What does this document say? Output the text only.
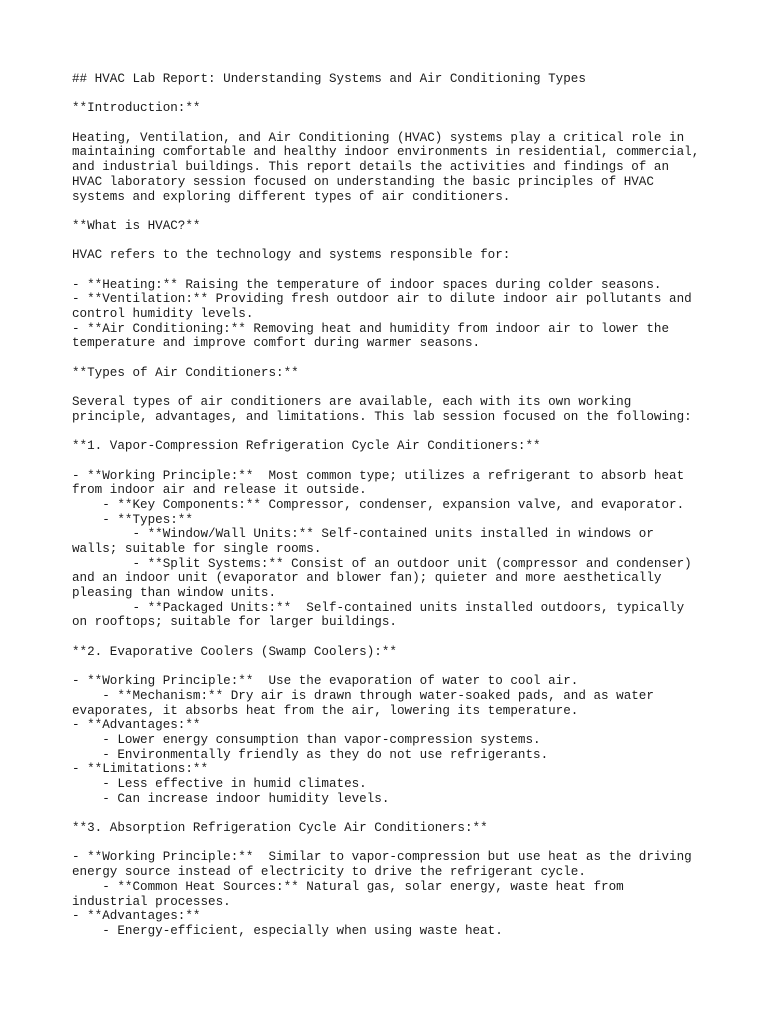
## HVAC Lab Report: Understanding Systems and Air Conditioning Types
**Introduction:**
Heating, Ventilation, and Air Conditioning (HVAC) systems play a critical role in
maintaining comfortable and healthy indoor environments in residential, commercial,
and industrial buildings. This report details the activities and findings of an
HVAC laboratory session focused on understanding the basic principles of HVAC
systems and exploring different types of air conditioners.
**What is HVAC?**
HVAC refers to the technology and systems responsible for:
- **Heating:** Raising the temperature of indoor spaces during colder seasons.
- **Ventilation:** Providing fresh outdoor air to dilute indoor air pollutants and
control humidity levels.
- **Air Conditioning:** Removing heat and humidity from indoor air to lower the
temperature and improve comfort during warmer seasons.
**Types of Air Conditioners:**
Several types of air conditioners are available, each with its own working
principle, advantages, and limitations. This lab session focused on the following:
**1. Vapor-Compression Refrigeration Cycle Air Conditioners:**
- **Working Principle:**  Most common type; utilizes a refrigerant to absorb heat
from indoor air and release it outside.
- **Key Components:** Compressor, condenser, expansion valve, and evaporator.
- **Types:**
- **Window/Wall Units:** Self-contained units installed in windows or
walls; suitable for single rooms.
- **Split Systems:** Consist of an outdoor unit (compressor and condenser)
and an indoor unit (evaporator and blower fan); quieter and more aesthetically
pleasing than window units.
- **Packaged Units:**  Self-contained units installed outdoors, typically
on rooftops; suitable for larger buildings.
**2. Evaporative Coolers (Swamp Coolers):**
- **Working Principle:**  Use the evaporation of water to cool air.
- **Mechanism:** Dry air is drawn through water-soaked pads, and as water
evaporates, it absorbs heat from the air, lowering its temperature.
- **Advantages:**
- Lower energy consumption than vapor-compression systems.
- Environmentally friendly as they do not use refrigerants.
- **Limitations:**
- Less effective in humid climates.
- Can increase indoor humidity levels.
**3. Absorption Refrigeration Cycle Air Conditioners:**
- **Working Principle:**  Similar to vapor-compression but use heat as the driving
energy source instead of electricity to drive the refrigerant cycle.
- **Common Heat Sources:** Natural gas, solar energy, waste heat from
industrial processes.
- **Advantages:**
- Energy-efficient, especially when using waste heat.
